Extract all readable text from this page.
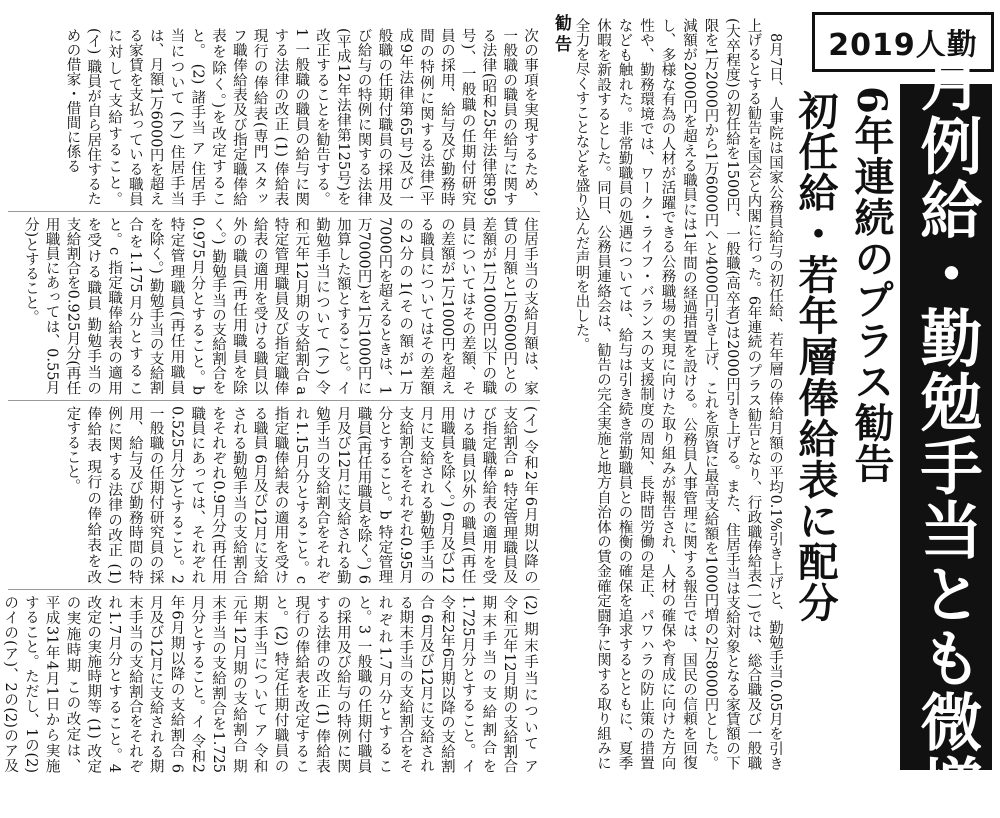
2019人勤
月例給・勤勉手当とも微増
6年連続のプラス勧告
初任給・若年層俸給表に配分

8月7日、人事院は国家公務員給与の初任給、若年層の俸給月額の平均0.1%引き上げと、勤勉手当0.05月を引き上げるとする勧告を国会と内閣に行った。6年連続のプラス勧告となり、行政職俸給表(一)では、総合職及び一般職(大卒程度)の初任給を1500円、一般職(高卒者)は2000円引き上げる。また、住居手当は支給対象となる家賃額の下限を1万2000円から1万6000円へと4000円引き上げ、これを原資に最高支給額を1000円増の2万8000円とした。減額が2000円を超える職員には1年間の経過措置を設ける。公務員人事管理に関する報告では、国民の信頼を回復し、多様な有為の人材が活躍できる公務職場の実現に向けた取り組みが報告され、人材の確保や育成に向けた方向性や、勤務環境では、ワーク・ライフ・バランスの支援制度の周知、長時間労働の是正、パワハラの防止策の措置なども触れた。非常勤職員の処遇については、給与は引き続き常勤職員との権衡の確保を追求するとともに、夏季休暇を新設するとした。同日、公務員連絡会は、勧告の完全実施と地方自治体の賃金確定闘争に関する取り組みに全力を尽くすことなどを盛り込んだ声明を出した。

勧告

次の事項を実現するため、一般職の職員の給与に関する法律(昭和25年法律第95号)、一般職の任期付研究員の採用、給与及び勤務時間の特例に関する法律(平成9年法律第65号)及び一般職の任期付職員の採用及び給与の特例に関する法律(平成12年法律第125号)を改正することを勧告する。1 一般職の職員の給与に関する法律の改正 (1) 俸給表 現行の俸給表(専門スタッフ職俸給表及び指定職俸給表を除く。)を改定すること。 (2) 諸手当 ア 住居手当について (ア) 住居手当は、月額1万6000円を超える家賃を支払っている職員に対して支給すること。 (イ) 職員が自ら居住するための借家・借間に係る

住居手当の支給月額は、家賃の月額と1万6000円との差額が1万1000円以下の職員についてはその差額、その差額が1万1000円を超える職員についてはその差額の2分の1(その額が1万7000円を超えるときは、1万7000円)を1万1000円に加算した額とすること。イ 勤勉手当について (ア) 令和元年12月期の支給割合 a 特定管理職員及び指定職俸給表の適用を受ける職員以外の職員(再任用職員を除く。) 勤勉手当の支給割合を0.975月分とすること。b 特定管理職員(再任用職員を除く。) 勤勉手当の支給割合を1.175月分とすること。c 指定職俸給表の適用を受ける職員 勤勉手当の支給割合を0.925月分(再任用職員にあっては、0.55月分)とすること。

(イ) 令和2年6月期以降の支給割合 a 特定管理職員及び指定職俸給表の適用を受ける職員以外の職員(再任用職員を除く。) 6月及び12月に支給される勤勉手当の支給割合をそれぞれ0.95月分とすること。b 特定管理職員(再任用職員を除く。) 6月及び12月に支給される勤勉手当の支給割合をそれぞれ1.15月分とすること。c 指定職俸給表の適用を受ける職員 6月及び12月に支給される勤勉手当の支給割合をそれぞれ0.9月分(再任用職員にあっては、それぞれ0.525月分)とすること。2 一般職の任期付研究員の採用、給与及び勤務時間の特例に関する法律の改正 (1) 俸給表 現行の俸給表を改定すること。

(2) 期末手当について ア 令和元年12月期の支給割合 期末手当の支給割合を1.725月分とすること。イ 令和2年6月期以降の支給割合 6月及び12月に支給される期末手当の支給割合をそれぞれ1.7月分とすること。3 一般職の任期付職員の採用及び給与の特例に関する法律の改正 (1) 俸給表 現行の俸給表を改定すること。(2) 特定任期付職員の期末手当について ア 令和元年12月期の支給割合 期末手当の支給割合を1.725月分とすること。イ 令和2年6月期以降の支給割合 6月及び12月に支給される期末手当の支給割合をそれぞれ1.7月分とすること。4 改定の実施時期等 (1) 改定の実施時期 この改定は、平成31年4月1日から実施すること。ただし、1の(2)のイの(ア)、2の(2)のア及
